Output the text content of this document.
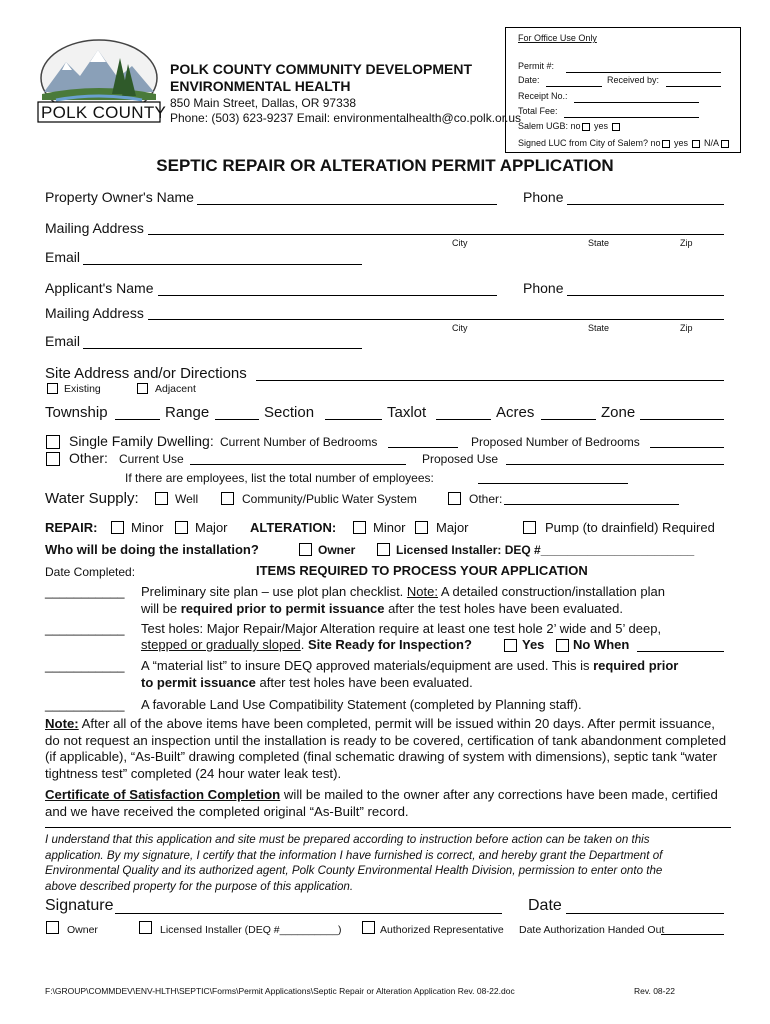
POLK COUNTY
POLK COUNTY COMMUNITY DEVELOPMENT
ENVIRONMENTAL HEALTH
850 Main Street, Dallas, OR 97338
Phone: (503) 623-9237 Email: environmentalhealth@co.polk.or.us
For Office Use Only
Permit #:
Date:	Received by:
Receipt No.:
Total Fee:
Salem UGB: no yes
Signed LUC from City of Salem? no yes N/A
SEPTIC REPAIR OR ALTERATION PERMIT APPLICATION
Property Owner's Name	Phone
Mailing Address
City	State	Zip
Email
Applicant's Name	Phone
Mailing Address
City	State	Zip
Email
Site Address and/or Directions
Existing	Adjacent
Township	Range	Section	Taxlot	Acres	Zone
Single Family Dwelling: Current Number of Bedrooms	Proposed Number of Bedrooms
Other: Current Use	Proposed Use
If there are employees, list the total number of employees:
Water Supply:	Well	Community/Public Water System	Other:
REPAIR:	Minor Major ALTERATION:	Minor Major	Pump (to drainfield) Required
Who will be doing the installation?	Owner	Licensed Installer: DEQ #_______________________
Date Completed:	ITEMS REQUIRED TO PROCESS YOUR APPLICATION
___________ Preliminary site plan – use plot plan checklist. Note: A detailed construction/installation plan
will be required prior to permit issuance after the test holes have been evaluated.
___________ Test holes: Major Repair/Major Alteration require at least one test hole 2’ wide and 5’ deep,
stepped or gradually sloped. Site Ready for Inspection?	Yes No When
___________ A “material list” to insure DEQ approved materials/equipment are used. This is required prior
to permit issuance after test holes have been evaluated.
___________ A favorable Land Use Compatibility Statement (completed by Planning staff).
Note: After all of the above items have been completed, permit will be issued within 20 days. After permit issuance, do not request an inspection until the installation is ready to be covered, certification of tank abandonment completed (if applicable), “As-Built” drawing completed (final schematic drawing of system with dimensions), septic tank “water tightness test” completed (24 hour water leak test).
Certificate of Satisfaction Completion will be mailed to the owner after any corrections have been made, certified and we have received the completed original “As-Built” record.

I understand that this application and site must be prepared according to instruction before action can be taken on this

application. By my signature, I certify that the information I have furnished is correct, and hereby grant the Department of

Environmental Quality and its authorized agent, Polk County Environmental Health Division, permission to enter onto the

above described property for the purpose of this application.

Signature	Date
Owner	Licensed Installer (DEQ #__________)	Authorized Representative Date Authorization Handed Out
F:\GROUP\COMMDEV\ENV-HLTH\SEPTIC\Forms\Permit Applications\Septic Repair or Alteration Application Rev. 08-22.doc	Rev. 08-22
